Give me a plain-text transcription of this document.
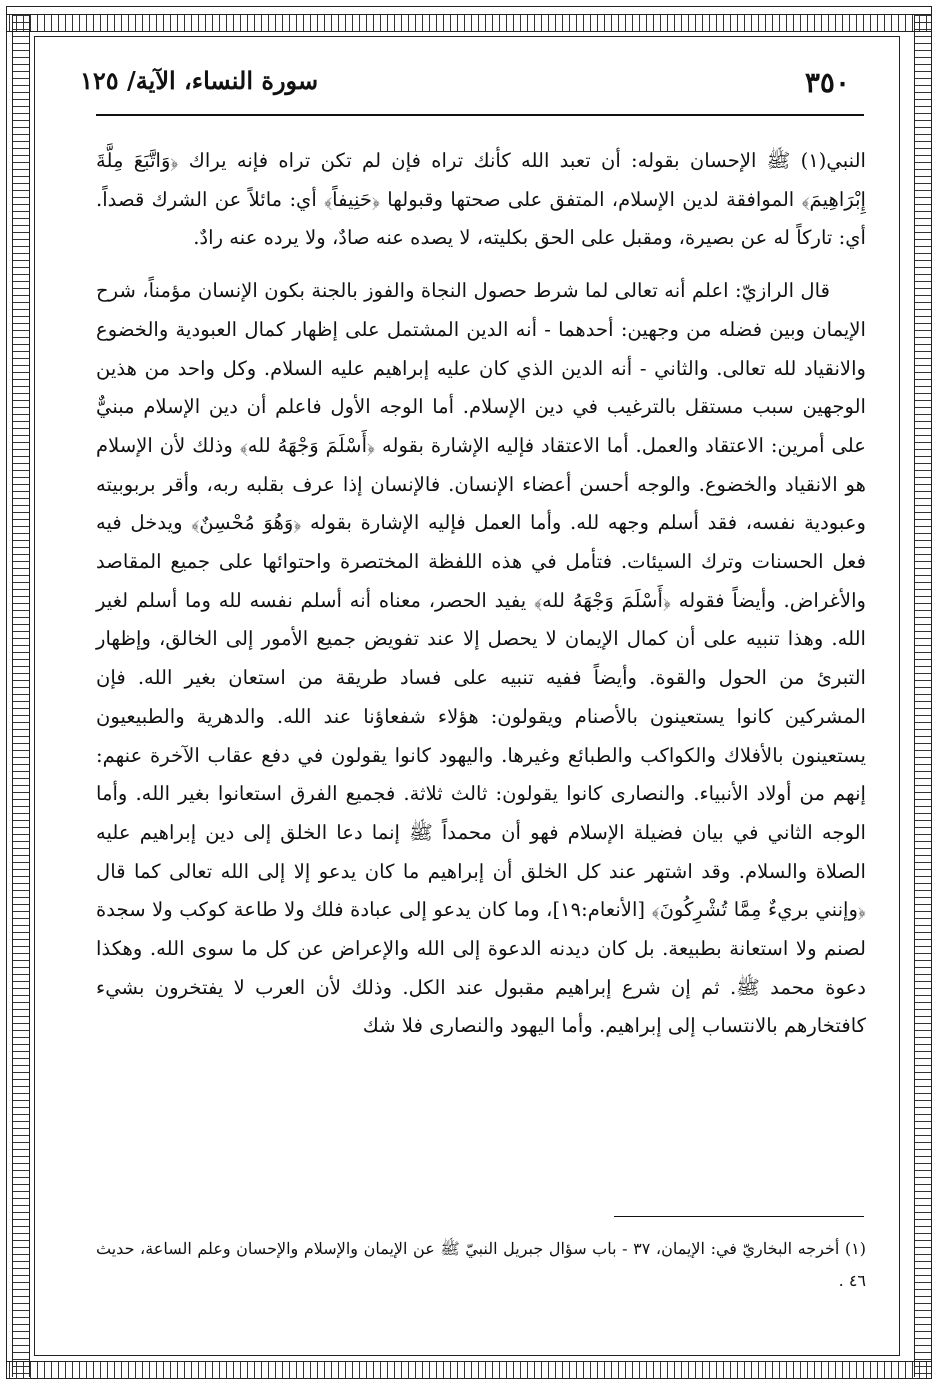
٣٥٠
سورة النساء، الآية/ ١٢٥

النبي(١) ﷺ الإحسان بقوله: أن تعبد الله كأنك تراه فإن لم تكن تراه فإنه يراك ﴿وَاتَّبَعَ مِلَّةَ إِبْرَاهِيمَ﴾ الموافقة لدين الإسلام، المتفق على صحتها وقبولها ﴿حَنِيفاً﴾ أي: مائلاً عن الشرك قصداً. أي: تاركاً له عن بصيرة، ومقبل على الحق بكليته، لا يصده عنه صادٌ، ولا يرده عنه رادٌ.

قال الرازيّ: اعلم أنه تعالى لما شرط حصول النجاة والفوز بالجنة بكون الإنسان مؤمناً، شرح الإيمان وبين فضله من وجهين: أحدهما - أنه الدين المشتمل على إظهار كمال العبودية والخضوع والانقياد لله تعالى. والثاني - أنه الدين الذي كان عليه إبراهيم عليه السلام. وكل واحد من هذين الوجهين سبب مستقل بالترغيب في دين الإسلام. أما الوجه الأول فاعلم أن دين الإسلام مبنيٌّ على أمرين: الاعتقاد والعمل. أما الاعتقاد فإليه الإشارة بقوله ﴿أَسْلَمَ وَجْهَهُ لله﴾ وذلك لأن الإسلام هو الانقياد والخضوع. والوجه أحسن أعضاء الإنسان. فالإنسان إذا عرف بقلبه ربه، وأقر بربوبيته وعبودية نفسه، فقد أسلم وجهه لله. وأما العمل فإليه الإشارة بقوله ﴿وَهُوَ مُحْسِنٌ﴾ ويدخل فيه فعل الحسنات وترك السيئات. فتأمل في هذه اللفظة المختصرة واحتوائها على جميع المقاصد والأغراض. وأيضاً فقوله ﴿أَسْلَمَ وَجْهَهُ لله﴾ يفيد الحصر، معناه أنه أسلم نفسه لله وما أسلم لغير الله. وهذا تنبيه على أن كمال الإيمان لا يحصل إلا عند تفويض جميع الأمور إلى الخالق، وإظهار التبرئ من الحول والقوة. وأيضاً ففيه تنبيه على فساد طريقة من استعان بغير الله. فإن المشركين كانوا يستعينون بالأصنام ويقولون: هؤلاء شفعاؤنا عند الله. والدهرية والطبيعيون يستعينون بالأفلاك والكواكب والطبائع وغيرها. واليهود كانوا يقولون في دفع عقاب الآخرة عنهم: إنهم من أولاد الأنبياء. والنصارى كانوا يقولون: ثالث ثلاثة. فجميع الفرق استعانوا بغير الله. وأما الوجه الثاني في بيان فضيلة الإسلام فهو أن محمداً ﷺ إنما دعا الخلق إلى دين إبراهيم عليه الصلاة والسلام. وقد اشتهر عند كل الخلق أن إبراهيم ما كان يدعو إلا إلى الله تعالى كما قال ﴿وإنني بريءٌ مِمَّا تُشْرِكُونَ﴾ [الأنعام:١٩]، وما كان يدعو إلى عبادة فلك ولا طاعة كوكب ولا سجدة لصنم ولا استعانة بطبيعة. بل كان ديدنه الدعوة إلى الله والإعراض عن كل ما سوى الله. وهكذا دعوة محمد ﷺ. ثم إن شرع إبراهيم مقبول عند الكل. وذلك لأن العرب لا يفتخرون بشيء كافتخارهم بالانتساب إلى إبراهيم. وأما اليهود والنصارى فلا شك

(١) أخرجه البخاريّ في: الإيمان، ٣٧ - باب سؤال جبريل النبيّ ﷺ عن الإيمان والإسلام والإحسان وعلم الساعة، حديث ٤٦ .
